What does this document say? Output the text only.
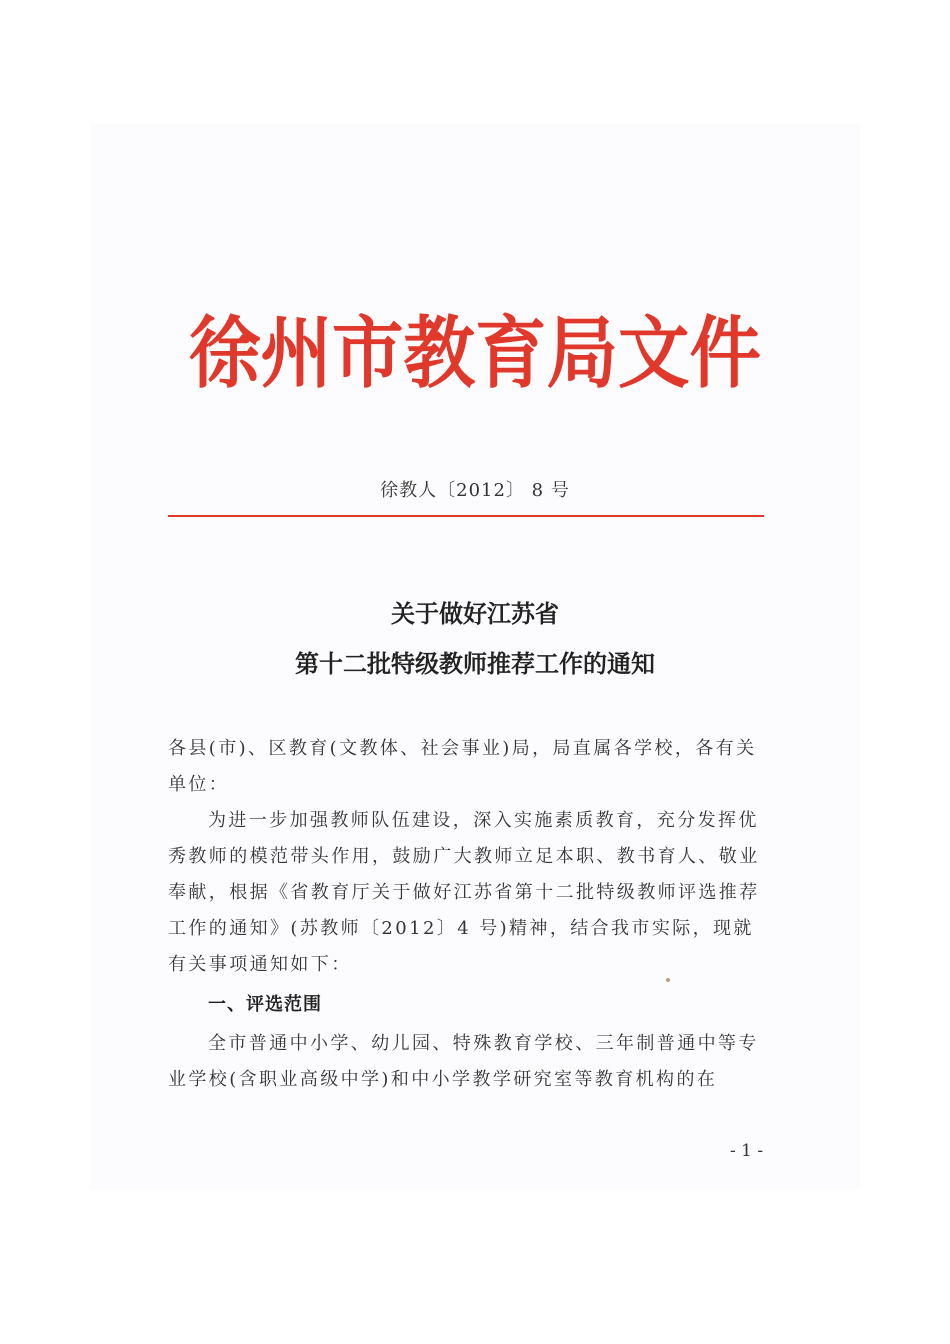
徐州市教育局文件
徐教人〔2012〕 8 号
关于做好江苏省
第十二批特级教师推荐工作的通知
各县(市)、区教育(文教体、社会事业)局，局直属各学校，各有关单位：
为进一步加强教师队伍建设，深入实施素质教育，充分发挥优秀教师的模范带头作用，鼓励广大教师立足本职、教书育人、敬业奉献，根据《省教育厅关于做好江苏省第十二批特级教师评选推荐工作的通知》(苏教师〔2012〕4 号)精神，结合我市实际，现就有关事项通知如下：
一、评选范围
全市普通中小学、幼儿园、特殊教育学校、三年制普通中等专业学校(含职业高级中学)和中小学教学研究室等教育机构的在
- 1 -
